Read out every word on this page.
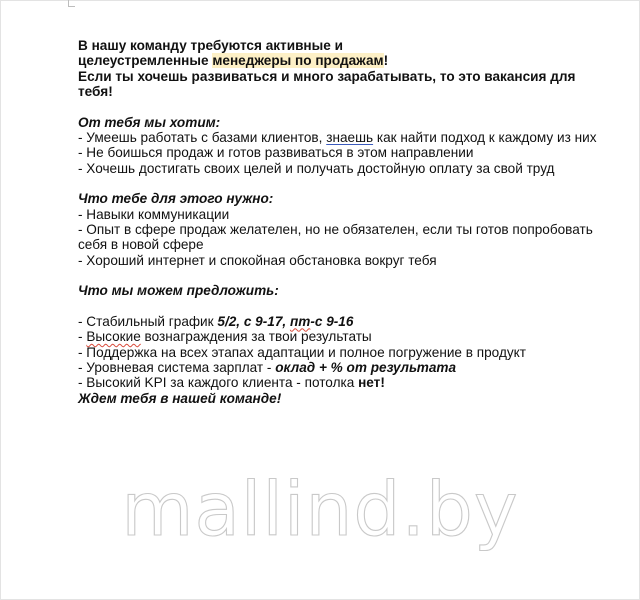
В нашу команду требуются активные и
целеустремленные менеджеры по продажам!
Если ты хочешь развиваться и много зарабатывать, то это вакансия для
тебя!
От тебя мы хотим:
- Умеешь работать с базами клиентов, знаешь как найти подход к каждому из них
- Не боишься продаж и готов развиваться в этом направлении
- Хочешь достигать своих целей и получать достойную оплату за свой труд
Что тебе для этого нужно:
- Навыки коммуникации
- Опыт в сфере продаж желателен, но не обязателен, если ты готов попробовать
себя в новой сфере
- Хороший интернет и спокойная обстановка вокруг тебя
Что мы можем предложить:
- Стабильный график 5/2, с 9-17, пт-с 9-16
- Высокие вознаграждения за твои результаты
- Поддержка на всех этапах адаптации и полное погружение в продукт
- Уровневая система зарплат - оклад + % от результата
- Высокий KPI за каждого клиента - потолка нет!
Ждем тебя в нашей команде!
mallind.by
